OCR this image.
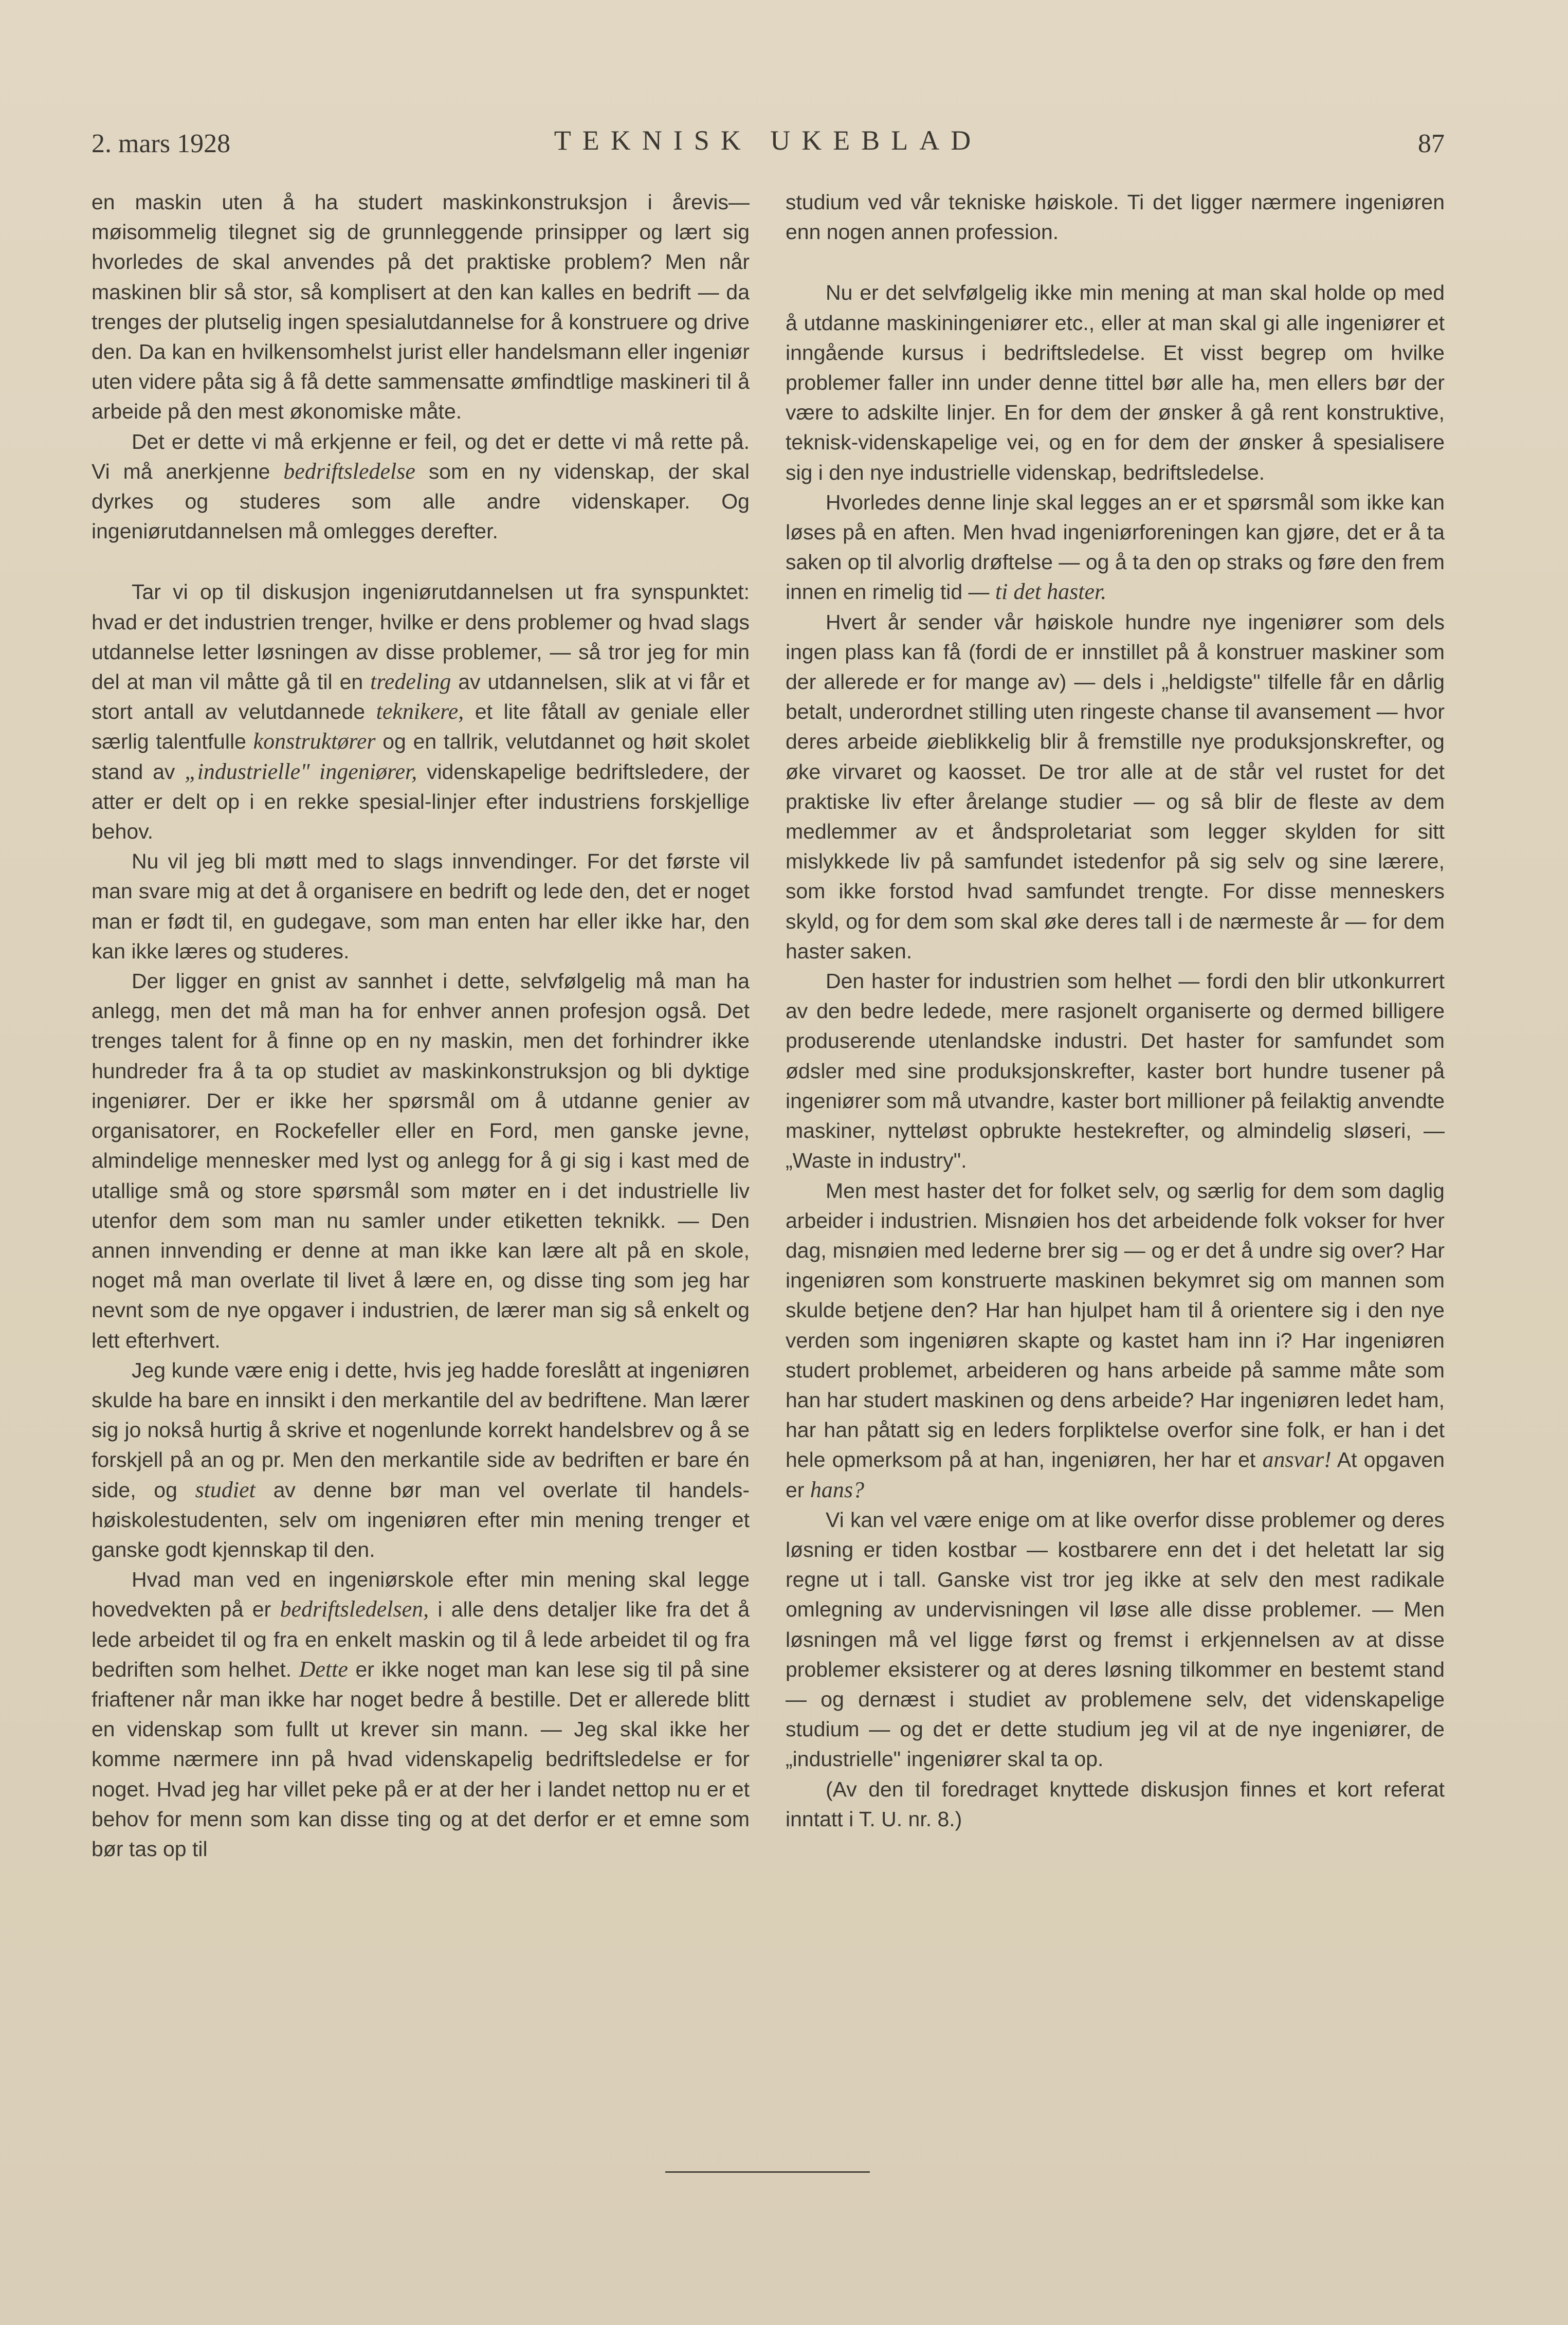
2. mars 1928	TEKNISK UKEBLAD	87

en maskin uten å ha studert maskinkonstruksjon i årevis— møisommelig tilegnet sig de grunnleggende prinsipper og lært sig hvorledes de skal anvendes på det praktiske problem? Men når maskinen blir så stor, så komplisert at den kan kalles en bedrift — da trenges der plutselig ingen spesialutdannelse for å konstruere og drive den. Da kan en hvilkensomhelst jurist eller handelsmann eller ingeniør uten videre påta sig å få dette sammensatte ømfindtlige maskineri til å arbeide på den mest økonomiske måte.

Det er dette vi må erkjenne er feil, og det er dette vi må rette på. Vi må anerkjenne bedriftsledelse som en ny videnskap, der skal dyrkes og studeres som alle andre videnskaper. Og ingeniørutdannelsen må omlegges derefter.

Tar vi op til diskusjon ingeniørutdannelsen ut fra synspunktet: hvad er det industrien trenger, hvilke er dens problemer og hvad slags utdannelse letter løsningen av disse problemer, — så tror jeg for min del at man vil måtte gå til en tredeling av utdannelsen, slik at vi får et stort antall av velutdannede teknikere, et lite fåtall av geniale eller særlig talentfulle konstruktører og en tallrik, velutdannet og høit skolet stand av „industrielle" ingeniører, videnskapelige bedriftsledere, der atter er delt op i en rekke spesial-linjer efter industriens forskjellige behov.

Nu vil jeg bli møtt med to slags innvendinger. For det første vil man svare mig at det å organisere en bedrift og lede den, det er noget man er født til, en gudegave, som man enten har eller ikke har, den kan ikke læres og studeres.

Der ligger en gnist av sannhet i dette, selvfølgelig må man ha anlegg, men det må man ha for enhver annen profesjon også. Det trenges talent for å finne op en ny maskin, men det forhindrer ikke hundreder fra å ta op studiet av maskinkonstruksjon og bli dyktige ingeniører. Der er ikke her spørsmål om å utdanne genier av organisatorer, en Rockefeller eller en Ford, men ganske jevne, almindelige mennesker med lyst og anlegg for å gi sig i kast med de utallige små og store spørsmål som møter en i det industrielle liv utenfor dem som man nu samler under etiketten teknikk. — Den annen innvending er denne at man ikke kan lære alt på en skole, noget må man overlate til livet å lære en, og disse ting som jeg har nevnt som de nye opgaver i industrien, de lærer man sig så enkelt og lett efterhvert.

Jeg kunde være enig i dette, hvis jeg hadde foreslått at ingeniøren skulde ha bare en innsikt i den merkantile del av bedriftene. Man lærer sig jo nokså hurtig å skrive et nogenlunde korrekt handelsbrev og å se forskjell på an og pr. Men den merkantile side av bedriften er bare én side, og studiet av denne bør man vel overlate til handels-høiskolestudenten, selv om ingeniøren efter min mening trenger et ganske godt kjennskap til den.

Hvad man ved en ingeniørskole efter min mening skal legge hovedvekten på er bedriftsledelsen, i alle dens detaljer like fra det å lede arbeidet til og fra en enkelt maskin og til å lede arbeidet til og fra bedriften som helhet. Dette er ikke noget man kan lese sig til på sine friaftener når man ikke har noget bedre å bestille. Det er allerede blitt en videnskap som fullt ut krever sin mann. — Jeg skal ikke her komme nærmere inn på hvad videnskapelig bedriftsledelse er for noget. Hvad jeg har villet peke på er at der her i landet nettop nu er et behov for menn som kan disse ting og at det derfor er et emne som bør tas op til

studium ved vår tekniske høiskole. Ti det ligger nærmere ingeniøren enn nogen annen profession.

Nu er det selvfølgelig ikke min mening at man skal holde op med å utdanne maskiningeniører etc., eller at man skal gi alle ingeniører et inngående kursus i bedriftsledelse. Et visst begrep om hvilke problemer faller inn under denne tittel bør alle ha, men ellers bør der være to adskilte linjer. En for dem der ønsker å gå rent konstruktive, teknisk-videnskapelige vei, og en for dem der ønsker å spesialisere sig i den nye industrielle videnskap, bedriftsledelse.

Hvorledes denne linje skal legges an er et spørsmål som ikke kan løses på en aften. Men hvad ingeniørforeningen kan gjøre, det er å ta saken op til alvorlig drøftelse — og å ta den op straks og føre den frem innen en rimelig tid — ti det haster.

Hvert år sender vår høiskole hundre nye ingeniører som dels ingen plass kan få (fordi de er innstillet på å konstruer maskiner som der allerede er for mange av) — dels i „heldigste" tilfelle får en dårlig betalt, underordnet stilling uten ringeste chanse til avansement — hvor deres arbeide øieblikkelig blir å fremstille nye produksjonskrefter, og øke virvaret og kaosset. De tror alle at de står vel rustet for det praktiske liv efter årelange studier — og så blir de fleste av dem medlemmer av et åndsproletariat som legger skylden for sitt mislykkede liv på samfundet istedenfor på sig selv og sine lærere, som ikke forstod hvad samfundet trengte. For disse menneskers skyld, og for dem som skal øke deres tall i de nærmeste år — for dem haster saken.

Den haster for industrien som helhet — fordi den blir utkonkurrert av den bedre ledede, mere rasjonelt organiserte og dermed billigere produserende utenlandske industri. Det haster for samfundet som ødsler med sine produksjonskrefter, kaster bort hundre tusener på ingeniører som må utvandre, kaster bort millioner på feilaktig anvendte maskiner, nytteløst opbrukte hestekrefter, og almindelig sløseri, — „Waste in industry".

Men mest haster det for folket selv, og særlig for dem som daglig arbeider i industrien. Misnøien hos det arbeidende folk vokser for hver dag, misnøien med lederne brer sig — og er det å undre sig over? Har ingeniøren som konstruerte maskinen bekymret sig om mannen som skulde betjene den? Har han hjulpet ham til å orientere sig i den nye verden som ingeniøren skapte og kastet ham inn i? Har ingeniøren studert problemet, arbeideren og hans arbeide på samme måte som han har studert maskinen og dens arbeide? Har ingeniøren ledet ham, har han påtatt sig en leders forpliktelse overfor sine folk, er han i det hele opmerksom på at han, ingeniøren, her har et ansvar! At opgaven er hans?

Vi kan vel være enige om at like overfor disse problemer og deres løsning er tiden kostbar — kostbarere enn det i det heletatt lar sig regne ut i tall. Ganske vist tror jeg ikke at selv den mest radikale omlegning av undervisningen vil løse alle disse problemer. — Men løsningen må vel ligge først og fremst i erkjennelsen av at disse problemer eksisterer og at deres løsning tilkommer en bestemt stand — og dernæst i studiet av problemene selv, det videnskapelige studium — og det er dette studium jeg vil at de nye ingeniører, de „industrielle" ingeniører skal ta op.

(Av den til foredraget knyttede diskusjon finnes et kort referat inntatt i T. U. nr. 8.)
